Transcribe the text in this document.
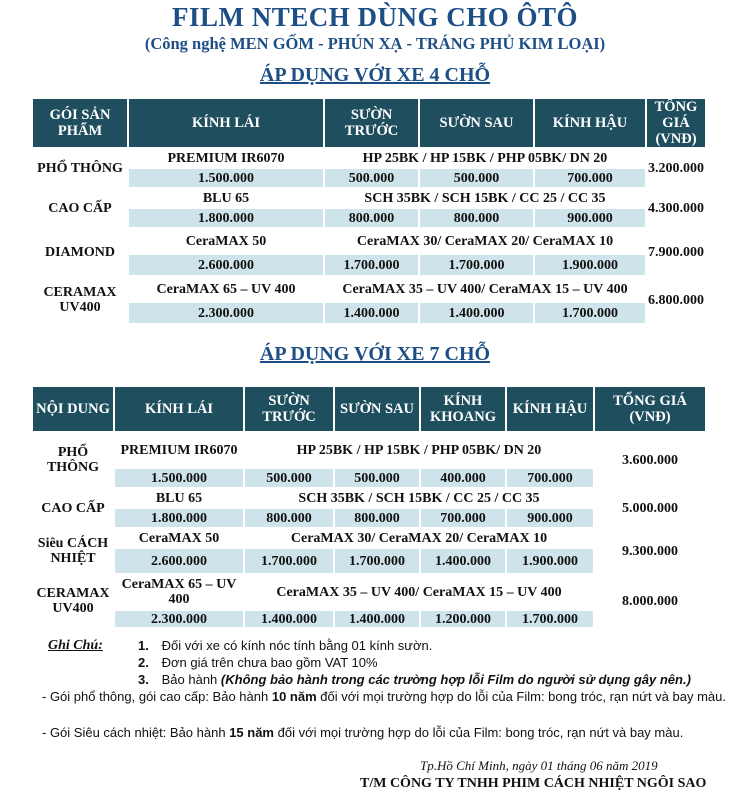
FILM NTECH DÙNG CHO ÔTÔ
(Công nghệ MEN GỐM - PHÚN XẠ - TRÁNG PHỦ KIM LOẠI)
ÁP DỤNG VỚI XE 4 CHỖ
GÓI SẢN PHẨM	KÍNH LÁI	SƯỜN TRƯỚC	SƯỜN SAU	KÍNH HẬU	TỔNG GIÁ (VNĐ)
PHỔ THÔNG	PREMIUM IR6070	HP 25BK / HP 15BK / PHP 05BK/ DN 20			3.200.000
	1.500.000	500.000	500.000	700.000	
CAO CẤP	BLU 65	SCH 35BK / SCH 15BK / CC 25 / CC 35			4.300.000
	1.800.000	800.000	800.000	900.000	
DIAMOND	CeraMAX 50	CeraMAX 30/ CeraMAX 20/ CeraMAX 10			7.900.000
	2.600.000	1.700.000	1.700.000	1.900.000	
CERAMAX UV400	CeraMAX 65 – UV 400	CeraMAX 35 – UV 400/ CeraMAX 15 – UV 400			6.800.000
	2.300.000	1.400.000	1.400.000	1.700.000	
ÁP DỤNG VỚI XE 7 CHỖ
NỘI DUNG	KÍNH LÁI	SƯỜN TRƯỚC	SƯỜN SAU	KÍNH KHOANG	KÍNH HẬU	TỔNG GIÁ (VNĐ)
PHỔ THÔNG	PREMIUM IR6070	HP 25BK / HP 15BK / PHP 05BK/ DN 20				3.600.000
	1.500.000	500.000	500.000	400.000	700.000	
CAO CẤP	BLU 65	SCH 35BK / SCH 15BK / CC 25 / CC 35				5.000.000
	1.800.000	800.000	800.000	700.000	900.000	
Siêu CÁCH NHIỆT	CeraMAX 50	CeraMAX 30/ CeraMAX 20/ CeraMAX 10				9.300.000
	2.600.000	1.700.000	1.700.000	1.400.000	1.900.000	
CERAMAX UV400	CeraMAX 65 – UV 400	CeraMAX 35 – UV 400/ CeraMAX 15 – UV 400				8.000.000
	2.300.000	1.400.000	1.400.000	1.200.000	1.700.000	
Ghi Chú:	1. Đối với xe có kính nóc tính bằng 01 kính sườn.
2. Đơn giá trên chưa bao gồm VAT 10%
3. Bảo hành (Không bảo hành trong các trường hợp lỗi Film do người sử dụng gây nên.)
- Gói phổ thông, gói cao cấp: Bảo hành 10 năm đối với mọi trường hợp do lỗi của Film: bong tróc, rạn nứt và bay màu.
- Gói Siêu cách nhiệt: Bảo hành 15 năm đối với mọi trường hợp do lỗi của Film: bong tróc, rạn nứt và bay màu.
Tp.Hồ Chí Minh, ngày 01 tháng 06 năm 2019
T/M CÔNG TY TNHH PHIM CÁCH NHIỆT NGÔI SAO
